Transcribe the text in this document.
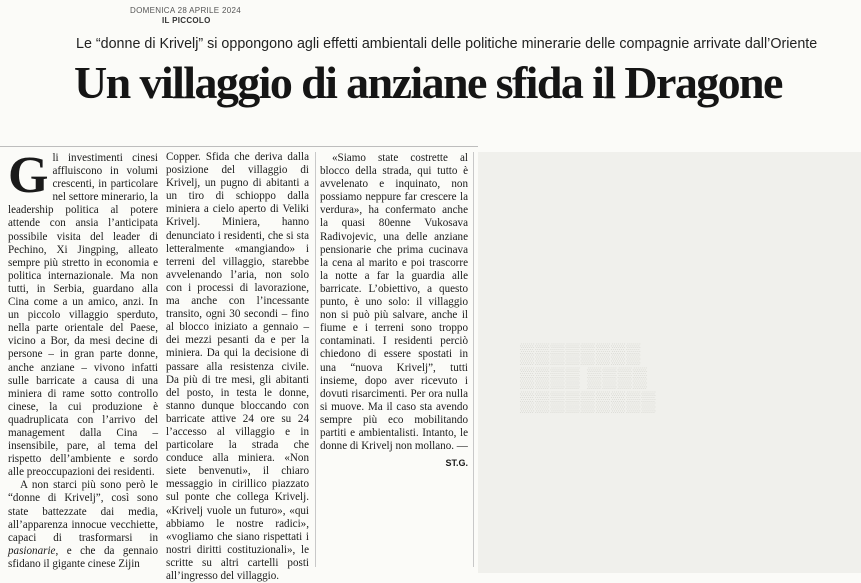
DOMENICA 28 APRILE 2024
IL PICCOLO
Le “donne di Krivelj” si oppongono agli effetti ambientali delle politiche minerarie delle compagnie arrivate dall’Oriente
Un villaggio di anziane sfida il Dragone
G li investimenti cinesi affluiscono in volumi crescenti, in particolare nel settore minerario, la leadership politica al potere attende con ansia l’anticipata possibile visita del leader di Pechino, Xi Jingping, alleato sempre più stretto in economia e politica internazionale. Ma non tutti, in Serbia, guardano alla Cina come a un amico, anzi. In un piccolo villaggio sperduto, nella parte orientale del Paese, vicino a Bor, da mesi decine di persone – in gran parte donne, anche anziane – vivono infatti sulle barricate a causa di una miniera di rame sotto controllo cinese, la cui produzione è quadruplicata con l’arrivo del management dalla Cina – insensibile, pare, al tema del rispetto dell’ambiente e sordo alle preoccupazioni dei residenti.

A non starci più sono però le “donne di Krivelj”, così sono state battezzate dai media, all’apparenza innocue vecchiette, capaci di trasformarsi in pasionarie, e che da gennaio sfidano il gigante cinese Zijin

Copper. Sfida che deriva dalla posizione del villaggio di Krivelj, un pugno di abitanti a un tiro di schioppo dalla miniera a cielo aperto di Veliki Krivelj. Miniera, hanno denunciato i residenti, che si sta letteralmente «mangiando» i terreni del villaggio, starebbe avvelenando l’aria, non solo con i processi di lavorazione, ma anche con l’incessante transito, ogni 30 secondi – fino al blocco iniziato a gennaio – dei mezzi pesanti da e per la miniera. Da qui la decisione di passare alla resistenza civile. Da più di tre mesi, gli abitanti del posto, in testa le donne, stanno dunque bloccando con barricate attive 24 ore su 24 l’accesso al villaggio e in particolare la strada che conduce alla miniera. «Non siete benvenuti», il chiaro messaggio in cirillico piazzato sul ponte che collega Krivelj. «Krivelj vuole un futuro», «qui abbiamo le nostre radici», «vogliamo che siano rispettati i nostri diritti costituzionali», le scritte su altri cartelli posti all’ingresso del villaggio.

«Siamo state costrette al blocco della strada, qui tutto è avvelenato e inquinato, non possiamo neppure far crescere la verdura», ha confermato anche la quasi 80enne Vukosava Radivojevic, una delle anziane pensionarie che prima cucinava la cena al marito e poi trascorre la notte a far la guardia alle barricate. L’obiettivo, a questo punto, è uno solo: il villaggio non si può più salvare, anche il fiume e i terreni sono troppo contaminati. I residenti perciò chiedono di essere spostati in una “nuova Krivelj”, tutti insieme, dopo aver ricevuto i dovuti risarcimenti. Per ora nulla si muove. Ma il caso sta avendo sempre più eco mobilitando partiti e ambientalisti. Intanto, le donne di Krivelj non mollano. —

ST.G.
▒▒▒▒▒▒▒▒
▒▒▒▒ ▒▒▒▒
▒▒▒▒▒▒▒▒▒
